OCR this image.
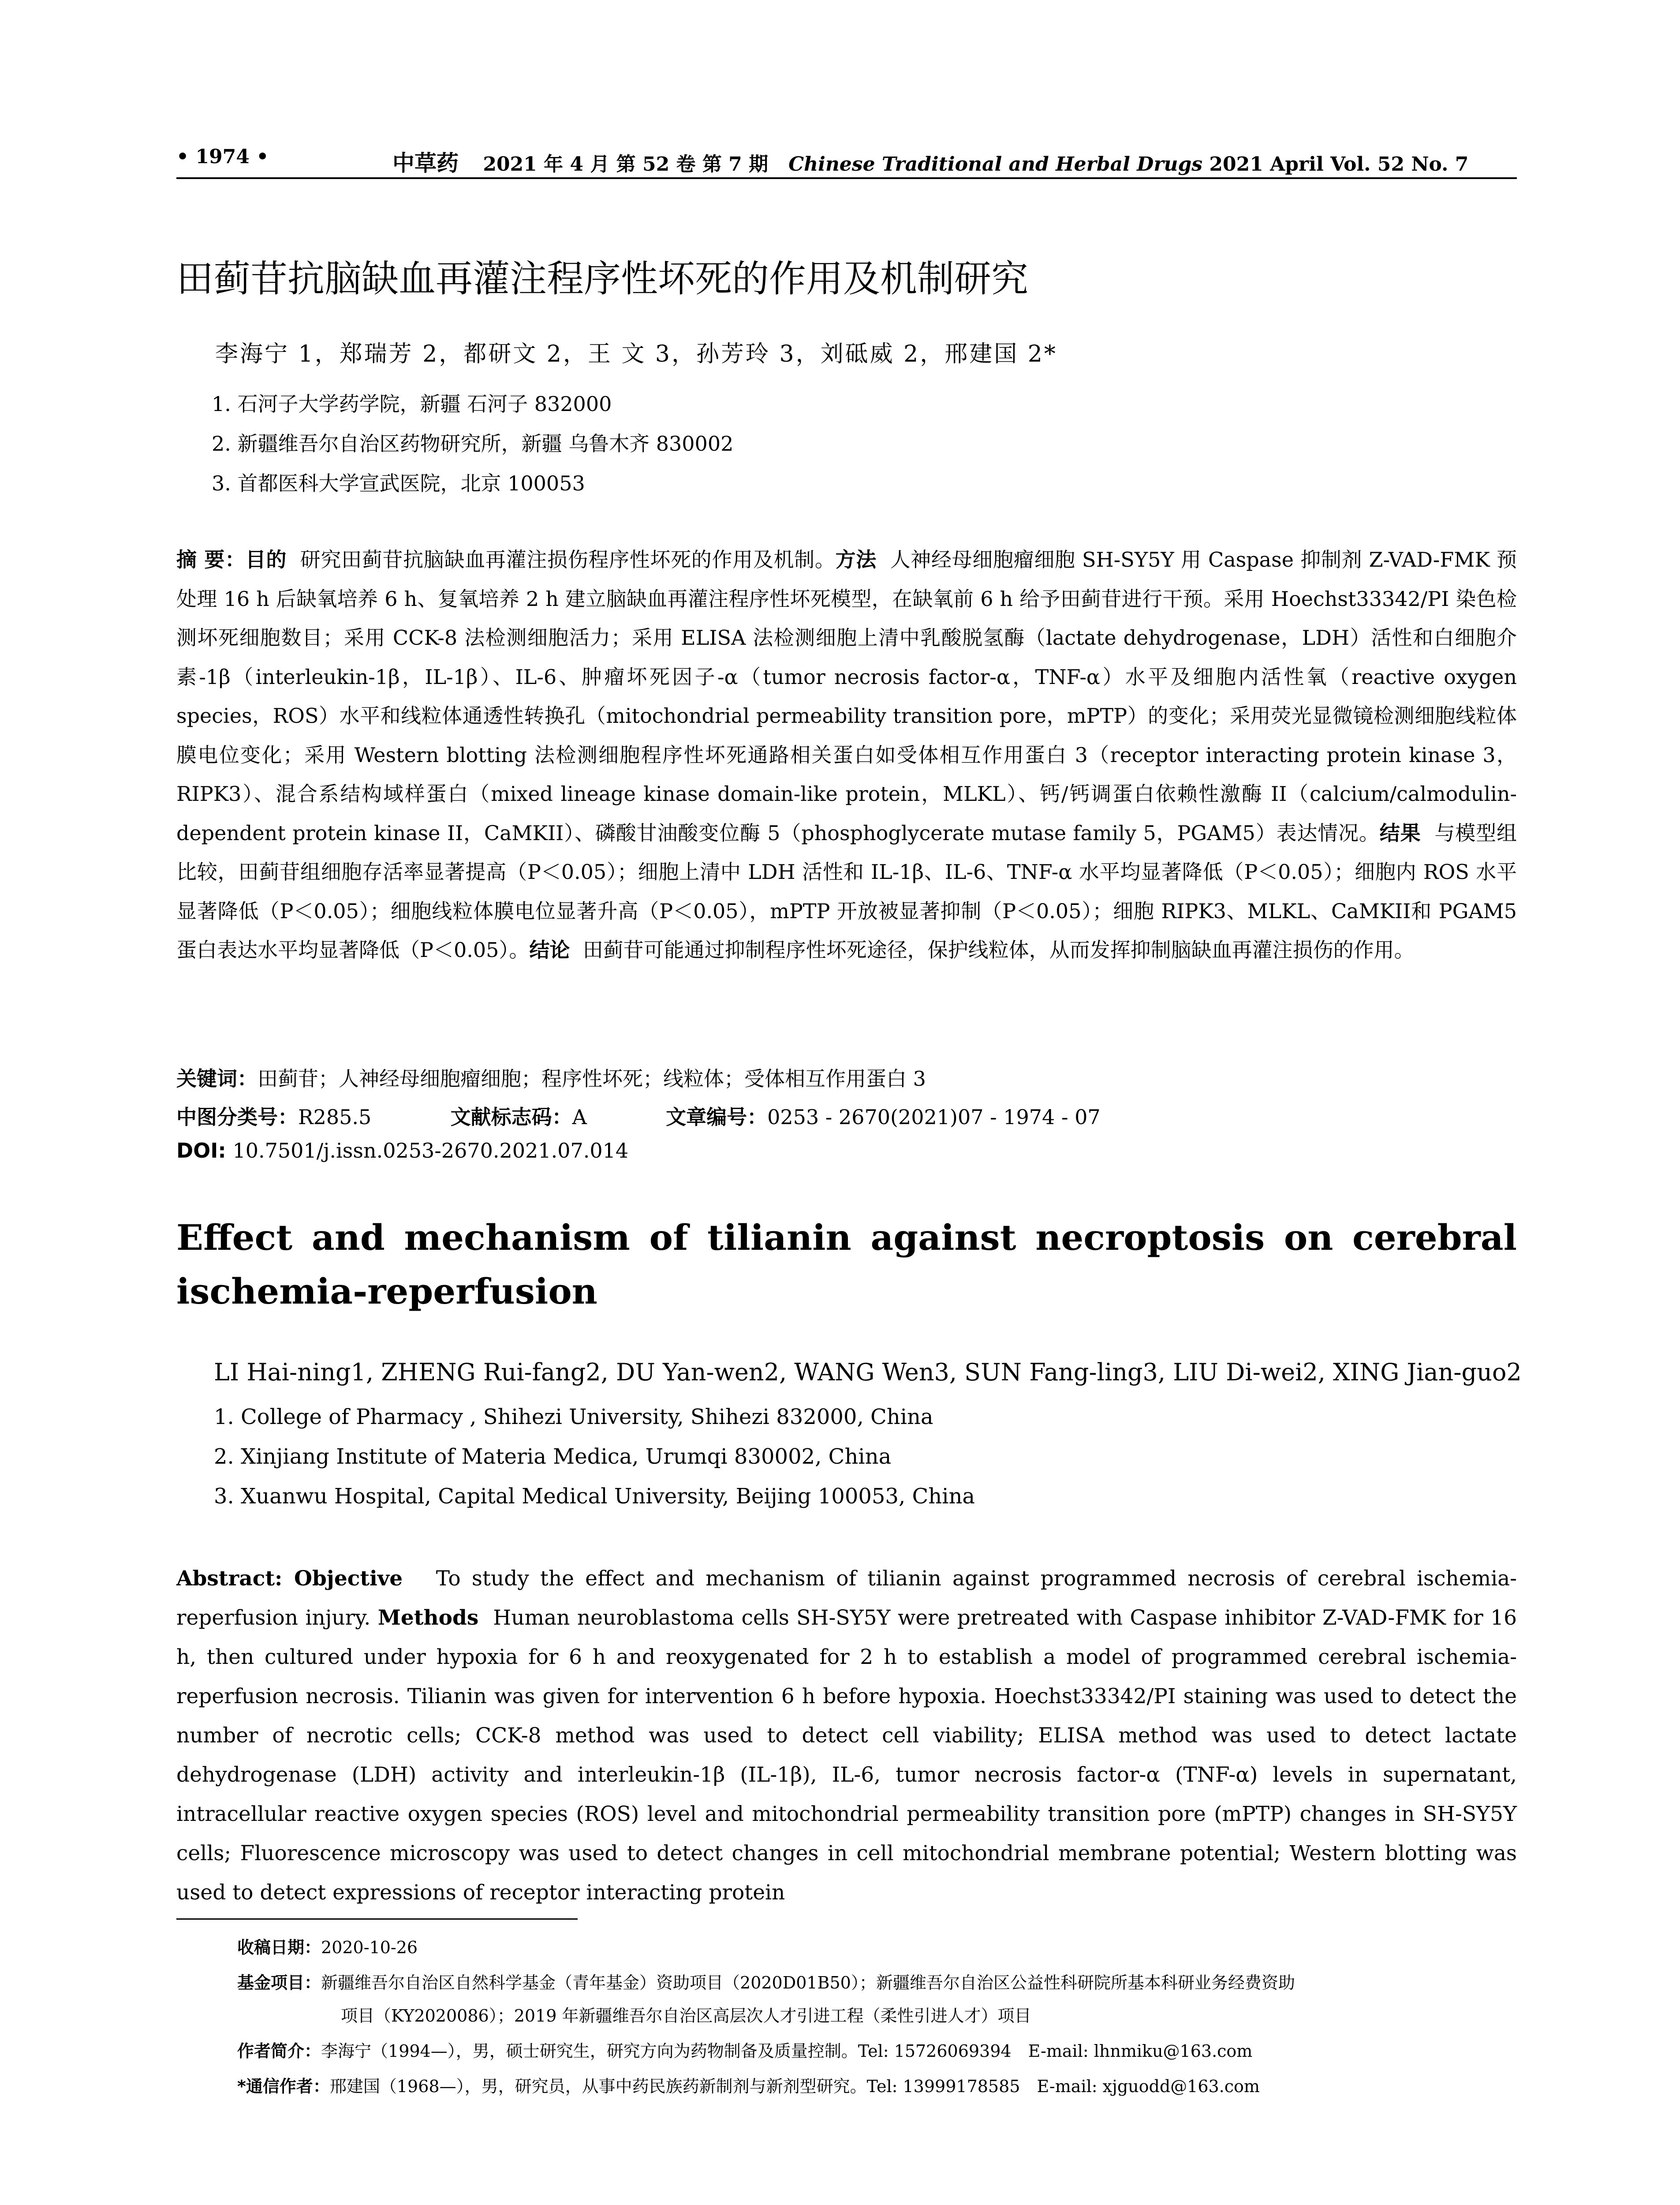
• 1974 •	中草药 2021 年 4 月 第 52 卷 第 7 期 Chinese Traditional and Herbal Drugs 2021 April Vol. 52 No. 7
田蓟苷抗脑缺血再灌注程序性坏死的作用及机制研究
李海宁 1，郑瑞芳 2，都研文 2，王 文 3，孙芳玲 3，刘砥威 2，邢建国 2*
1. 石河子大学药学院，新疆 石河子 832000
2. 新疆维吾尔自治区药物研究所，新疆 乌鲁木齐 830002
3. 首都医科大学宣武医院，北京 100053
摘 要：目的 研究田蓟苷抗脑缺血再灌注损伤程序性坏死的作用及机制。方法 人神经母细胞瘤细胞 SH-SY5Y 用 Caspase 抑制剂 Z-VAD-FMK 预处理 16 h 后缺氧培养 6 h、复氧培养 2 h 建立脑缺血再灌注程序性坏死模型，在缺氧前 6 h 给予田蓟苷进行干预。采用 Hoechst33342/PI 染色检测坏死细胞数目；采用 CCK-8 法检测细胞活力；采用 ELISA 法检测细胞上清中乳酸脱氢酶（lactate dehydrogenase，LDH）活性和白细胞介素-1β（interleukin-1β，IL-1β）、IL-6、肿瘤坏死因子-α（tumor necrosis factor-α，TNF-α）水平及细胞内活性氧（reactive oxygen species，ROS）水平和线粒体通透性转换孔（mitochondrial permeability transition pore，mPTP）的变化；采用荧光显微镜检测细胞线粒体膜电位变化；采用 Western blotting 法检测细胞程序性坏死通路相关蛋白如受体相互作用蛋白 3（receptor interacting protein kinase 3，RIPK3）、混合系结构域样蛋白（mixed lineage kinase domain-like protein，MLKL）、钙/钙调蛋白依赖性激酶 II（calcium/calmodulin-dependent protein kinase II，CaMKII）、磷酸甘油酸变位酶 5（phosphoglycerate mutase family 5，PGAM5）表达情况。结果 与模型组比较，田蓟苷组细胞存活率显著提高（P＜0.05）；细胞上清中 LDH 活性和 IL-1β、IL-6、TNF-α 水平均显著降低（P＜0.05）；细胞内 ROS 水平显著降低（P＜0.05）；细胞线粒体膜电位显著升高（P＜0.05），mPTP 开放被显著抑制（P＜0.05）；细胞 RIPK3、MLKL、CaMKII和 PGAM5 蛋白表达水平均显著降低（P＜0.05）。结论 田蓟苷可能通过抑制程序性坏死途径，保护线粒体，从而发挥抑制脑缺血再灌注损伤的作用。
关键词：田蓟苷；人神经母细胞瘤细胞；程序性坏死；线粒体；受体相互作用蛋白 3
中图分类号：R285.5	文献标志码：A	文章编号：0253 - 2670(2021)07 - 1974 - 07
DOI: 10.7501/j.issn.0253-2670.2021.07.014
Effect and mechanism of tilianin against necroptosis on cerebral ischemia-reperfusion
LI Hai-ning1, ZHENG Rui-fang2, DU Yan-wen2, WANG Wen3, SUN Fang-ling3, LIU Di-wei2, XING Jian-guo2
1. College of Pharmacy , Shihezi University, Shihezi 832000, China
2. Xinjiang Institute of Materia Medica, Urumqi 830002, China
3. Xuanwu Hospital, Capital Medical University, Beijing 100053, China
Abstract: Objective To study the effect and mechanism of tilianin against programmed necrosis of cerebral ischemia-reperfusion injury. Methods Human neuroblastoma cells SH-SY5Y were pretreated with Caspase inhibitor Z-VAD-FMK for 16 h, then cultured under hypoxia for 6 h and reoxygenated for 2 h to establish a model of programmed cerebral ischemia-reperfusion necrosis. Tilianin was given for intervention 6 h before hypoxia. Hoechst33342/PI staining was used to detect the number of necrotic cells; CCK-8 method was used to detect cell viability; ELISA method was used to detect lactate dehydrogenase (LDH) activity and interleukin-1β (IL-1β), IL-6, tumor necrosis factor-α (TNF-α) levels in supernatant, intracellular reactive oxygen species (ROS) level and mitochondrial permeability transition pore (mPTP) changes in SH-SY5Y cells; Fluorescence microscopy was used to detect changes in cell mitochondrial membrane potential; Western blotting was used to detect expressions of receptor interacting protein
收稿日期：2020-10-26
基金项目：新疆维吾尔自治区自然科学基金（青年基金）资助项目（2020D01B50）；新疆维吾尔自治区公益性科研院所基本科研业务经费资助
项目（KY2020086）；2019 年新疆维吾尔自治区高层次人才引进工程（柔性引进人才）项目
作者简介：李海宁（1994—），男，硕士研究生，研究方向为药物制备及质量控制。Tel: 15726069394　E-mail: lhnmiku@163.com
*通信作者：邢建国（1968—），男，研究员，从事中药民族药新制剂与新剂型研究。Tel: 13999178585　E-mail: xjguodd@163.com
